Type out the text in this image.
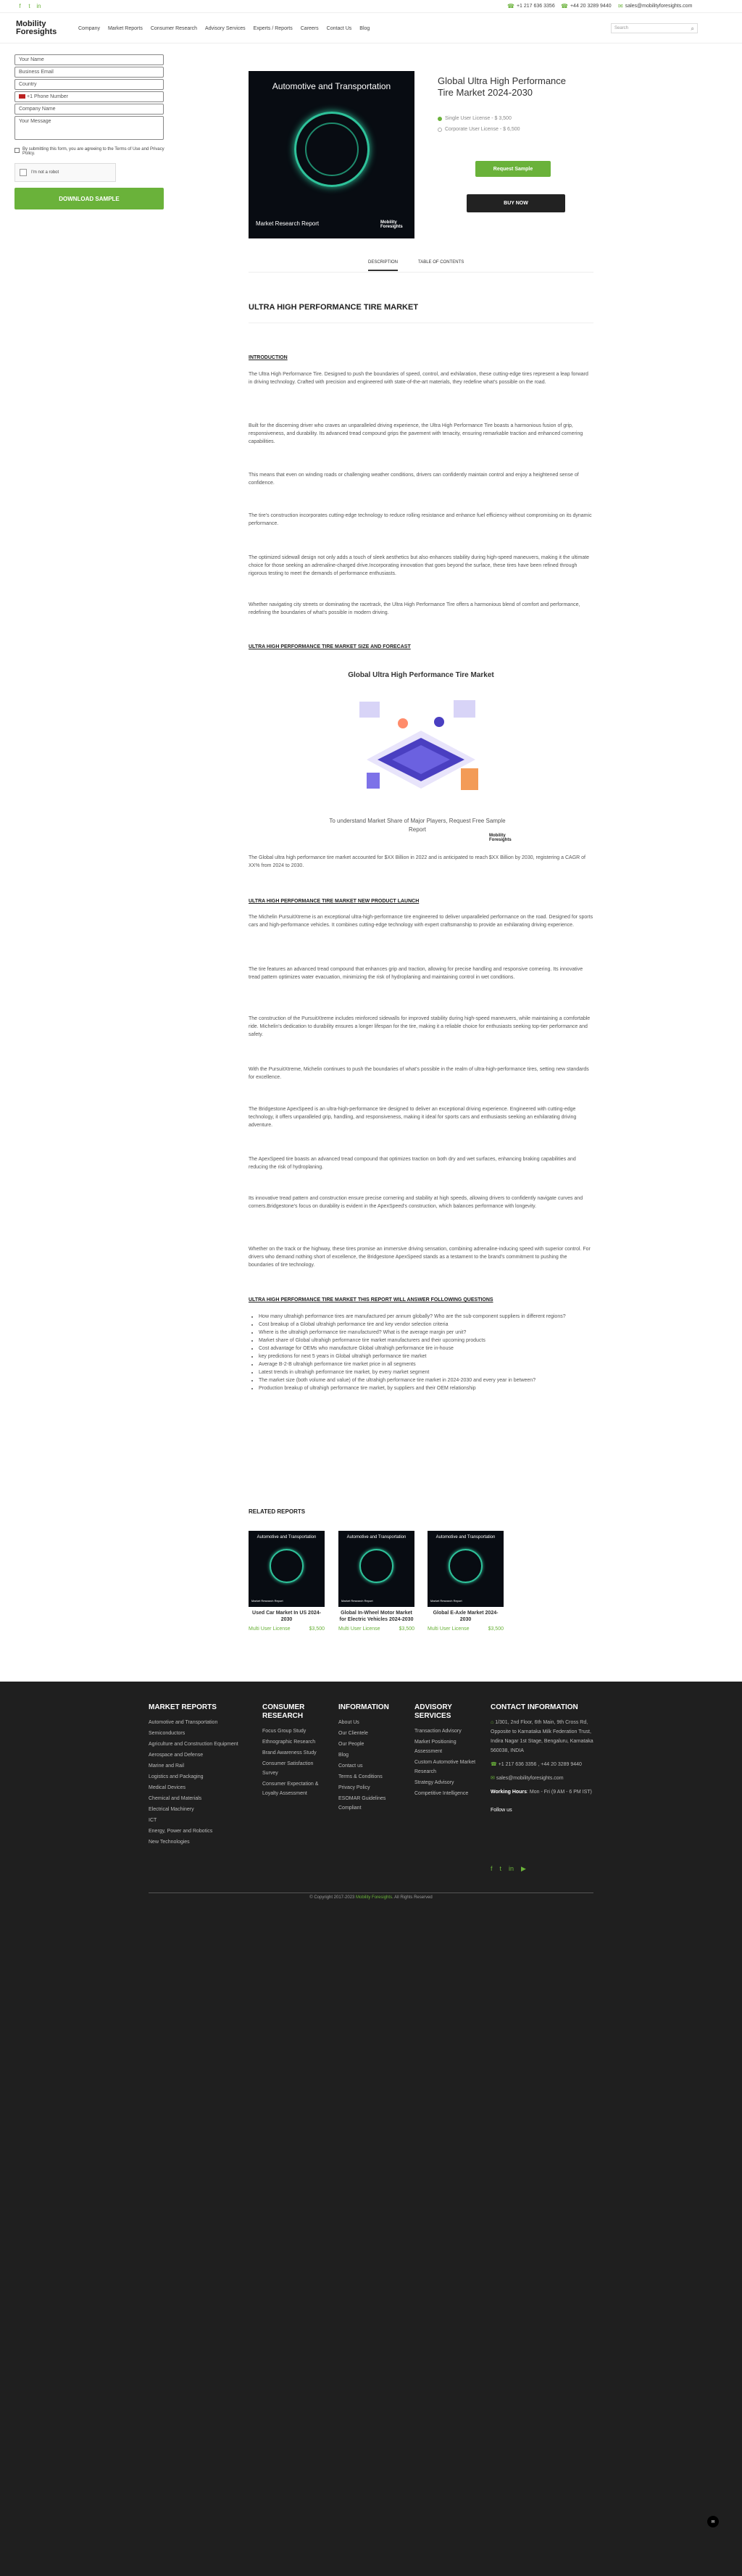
f	t	in	☎ +1 217 636 3356 ☎ +44 20 3289 9440 ✉ sales@mobilityforesights.com
Mobility
Foresights	Company Market Reports Consumer Research Advisory Services Experts / Reports Careers Contact Us Blog	Search	⌕
Your Name
Business Email
Country
+1 Phone Number
Company Name
Your Message
By submitting this form, you are agreeing to the Terms of Use and Privacy Policy.
I'm not a robot
DOWNLOAD SAMPLE
Automotive and Transportation
Market Research Report	Mobility
Foresights
Global Ultra High Performance Tire Market 2024-2030
Single User License - $ 3,500
Corporate User License - $ 6,500
Request Sample
BUY NOW
DESCRIPTION	TABLE OF CONTENTS
ULTRA HIGH PERFORMANCE TIRE MARKET
INTRODUCTION
The Ultra High Performance Tire. Designed to push the boundaries of speed, control, and exhilaration, these cutting-edge tires represent a leap forward in driving technology. Crafted with precision and engineered with state-of-the-art materials, they redefine what's possible on the road.
Built for the discerning driver who craves an unparalleled driving experience, the Ultra High Performance Tire boasts a harmonious fusion of grip, responsiveness, and durability. Its advanced tread compound grips the pavement with tenacity, ensuring remarkable traction and enhanced cornering capabilities.
This means that even on winding roads or challenging weather conditions, drivers can confidently maintain control and enjoy a heightened sense of confidence.
The tire's construction incorporates cutting-edge technology to reduce rolling resistance and enhance fuel efficiency without compromising on its dynamic performance.
The optimized sidewall design not only adds a touch of sleek aesthetics but also enhances stability during high-speed maneuvers, making it the ultimate choice for those seeking an adrenaline-charged drive.Incorporating innovation that goes beyond the surface, these tires have been refined through rigorous testing to meet the demands of performance enthusiasts.
Whether navigating city streets or dominating the racetrack, the Ultra High Performance Tire offers a harmonious blend of comfort and performance, redefining the boundaries of what's possible in modern driving.
ULTRA HIGH PERFORMANCE TIRE MARKET SIZE AND FORECAST
Global Ultra High Performance Tire Market
To understand Market Share of Major Players, Request Free Sample Report
Mobility
Foresights
The Global ultra high performance tire market accounted for $XX Billion in 2022 and is anticipated to reach $XX Billion by 2030, registering a CAGR of XX% from 2024 to 2030.
ULTRA HIGH PERFORMANCE TIRE MARKET NEW PRODUCT LAUNCH
The Michelin PursuitXtreme is an exceptional ultra-high-performance tire engineered to deliver unparalleled performance on the road. Designed for sports cars and high-performance vehicles. It combines cutting-edge technology with expert craftsmanship to provide an exhilarating driving experience.
The tire features an advanced tread compound that enhances grip and traction, allowing for precise handling and responsive cornering. Its innovative tread pattern optimizes water evacuation, minimizing the risk of hydroplaning and maintaining control in wet conditions.
The construction of the PursuitXtreme includes reinforced sidewalls for improved stability during high-speed maneuvers, while maintaining a comfortable ride. Michelin's dedication to durability ensures a longer lifespan for the tire, making it a reliable choice for enthusiasts seeking top-tier performance and safety.
With the PursuitXtreme, Michelin continues to push the boundaries of what's possible in the realm of ultra-high-performance tires, setting new standards for excellence.
The Bridgestone ApexSpeed is an ultra-high-performance tire designed to deliver an exceptional driving experience. Engineered with cutting-edge technology, it offers unparalleled grip, handling, and responsiveness, making it ideal for sports cars and enthusiasts seeking an exhilarating driving adventure.
The ApexSpeed tire boasts an advanced tread compound that optimizes traction on both dry and wet surfaces, enhancing braking capabilities and reducing the risk of hydroplaning.
Its innovative tread pattern and construction ensure precise cornering and stability at high speeds, allowing drivers to confidently navigate curves and corners.Bridgestone's focus on durability is evident in the ApexSpeed's construction, which balances performance with longevity.
Whether on the track or the highway, these tires promise an immersive driving sensation, combining adrenaline-inducing speed with superior control. For drivers who demand nothing short of excellence, the Bridgestone ApexSpeed stands as a testament to the brand's commitment to pushing the boundaries of tire technology.
ULTRA HIGH PERFORMANCE TIRE MARKET THIS REPORT WILL ANSWER FOLLOWING QUESTIONS
• How many ultrahigh performance tires are manufactured per annum globally? Who are the sub-component suppliers in different regions?
• Cost breakup of a Global ultrahigh performance tire and key vendor selection criteria
• Where is the ultrahigh performance tire manufactured? What is the average margin per unit?
• Market share of Global ultrahigh performance tire market manufacturers and their upcoming products
• Cost advantage for OEMs who manufacture Global ultrahigh performance tire in-house
• key predictions for next 5 years in Global ultrahigh performance tire market
• Average B-2-B ultrahigh performance tire market price in all segments
• Latest trends in ultrahigh performance tire market, by every market segment
• The market size (both volume and value) of the ultrahigh performance tire market in 2024-2030 and every year in between?
• Production breakup of ultrahigh performance tire market, by suppliers and their OEM relationship
RELATED REPORTS
Automotive and Transportation
Market Research Report
Used Car Market In US 2024-2030
Multi User License	$3,500
Automotive and Transportation
Market Research Report
Global In-Wheel Motor Market for Electric Vehicles 2024-2030
Multi User License	$3,500
Automotive and Transportation
Market Research Report
Global E-Axle Market 2024-2030
Multi User License	$3,500
MARKET REPORTS
Automotive and Transportation
Semiconductors
Agriculture and Construction Equipment
Aerospace and Defense
Marine and Rail
Logistics and Packaging
Medical Devices
Chemical and Materials
Electrical Machinery
ICT
Energy, Power and Robotics
New Technologies
CONSUMER RESEARCH
Focus Group Study
Ethnographic Research
Brand Awareness Study
Consumer Satisfaction Survey
Consumer Expectation & Loyalty Assessment
INFORMATION
About Us
Our Clientele
Our People
Blog
Contact us
Terms & Conditions
Privacy Policy
ESOMAR Guidelines Compliant
ADVISORY SERVICES
Transaction Advisory
Market Positioning Assessment
Custom Automotive Market Research
Strategy Advisory
Competitive Intelligence
CONTACT INFORMATION
⌂ 1/301, 2nd Floor, 6th Main, 9th Cross Rd, Opposite to Karnataka Milk Federation Trust, Indira Nagar 1st Stage, Bengaluru, Karnataka 560038, INDIA
☎ +1 217 636 3356 , +44 20 3289 9440
✉ sales@mobilityforesights.com
Working Hours: Mon - Fri (9 AM - 6 PM IST)
Follow us
f t in ▶
© Copyright 2017-2023 Mobility Foresights. All Rights Reserved
✉
